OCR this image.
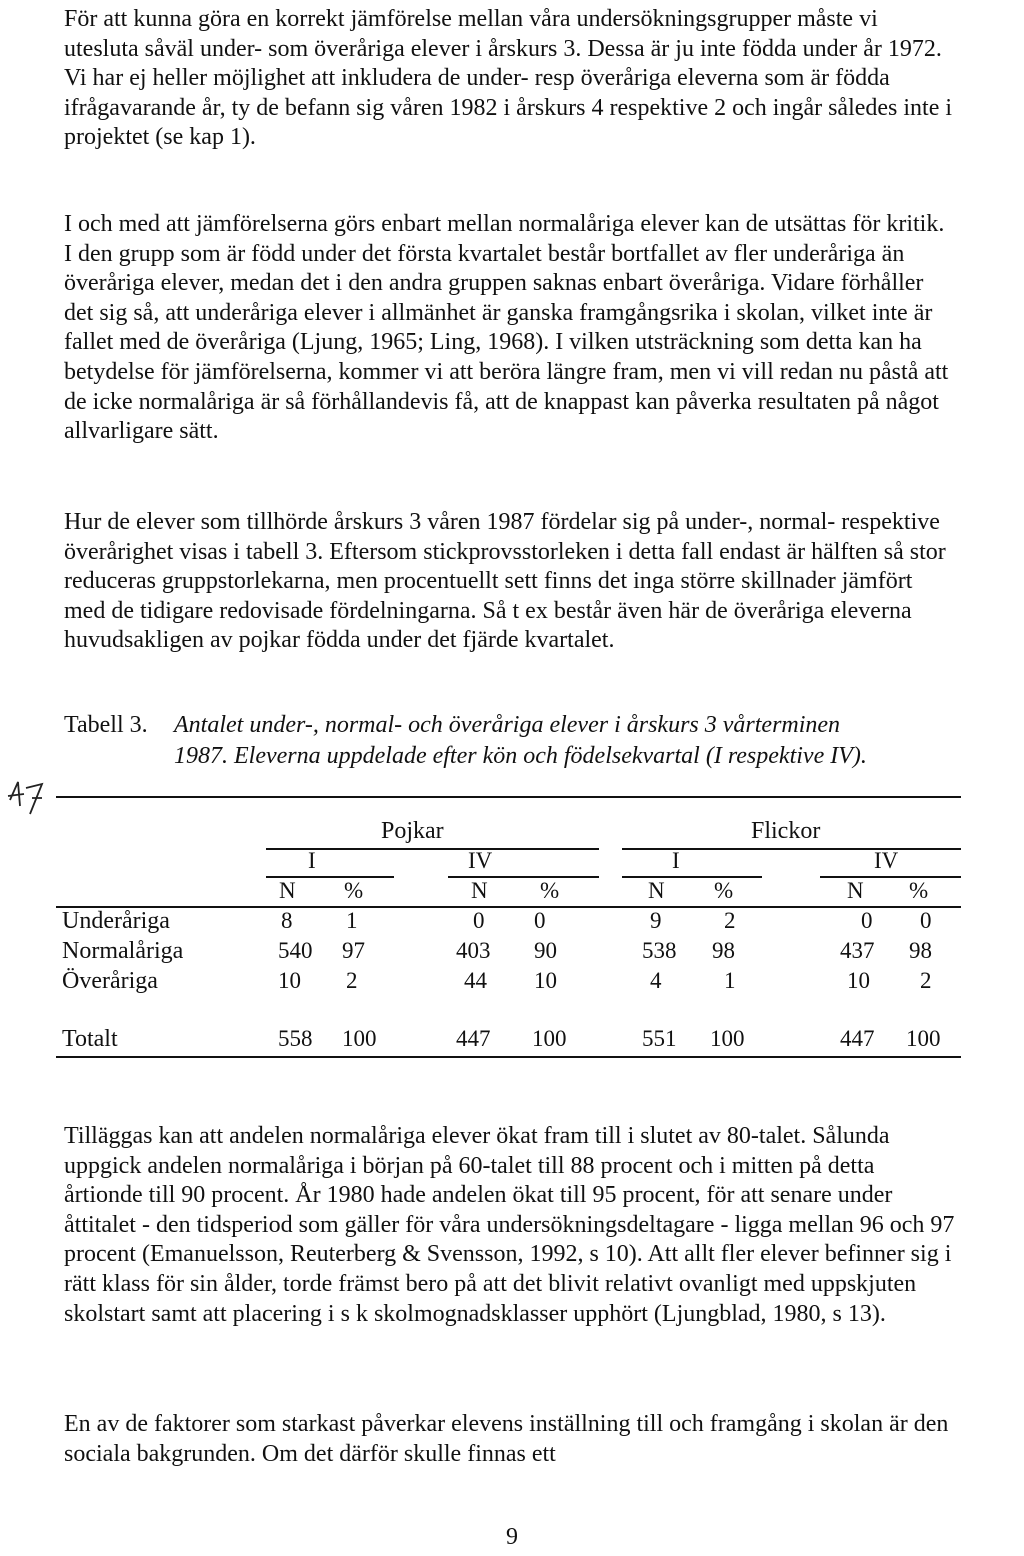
För att kunna göra en korrekt jämförelse mellan våra undersökningsgrupper måste vi utesluta såväl under- som överåriga elever i årskurs 3. Dessa är ju inte födda under år 1972. Vi har ej heller möjlighet att inkludera de under- resp överåriga eleverna som är födda ifrågavarande år, ty de befann sig våren 1982 i årskurs 4 respektive 2 och ingår således inte i projektet (se kap 1).

I och med att jämförelserna görs enbart mellan normalåriga elever kan de utsättas för kritik. I den grupp som är född under det första kvartalet består bortfallet av fler underåriga än överåriga elever, medan det i den andra gruppen saknas enbart överåriga. Vidare förhåller det sig så, att underåriga elever i allmänhet är ganska framgångsrika i skolan, vilket inte är fallet med de överåriga (Ljung, 1965; Ling, 1968). I vilken utsträckning som detta kan ha betydelse för jämförelserna, kommer vi att beröra längre fram, men vi vill redan nu påstå att de icke normalåriga är så förhållandevis få, att de knappast kan påverka resultaten på något allvarligare sätt.

Hur de elever som tillhörde årskurs 3 våren 1987 fördelar sig på under-, normal- respektive överårighet visas i tabell 3. Eftersom stickprovsstorleken i detta fall endast är hälften så stor reduceras gruppstorlekarna, men procentuellt sett finns det inga större skillnader jämfört med de tidigare redovisade fördelningarna. Så t ex består även här de överåriga eleverna huvudsakligen av pojkar födda under det fjärde kvartalet.

Tabell 3. Antalet under-, normal- och överåriga elever i årskurs 3 vårterminen
1987. Eleverna uppdelade efter kön och födelsekvartal (I respektive IV).
47
Pojkar	Flickor
I	IV	I	IV
N %	N %	N %	N %
Underåriga	8 1	0 0	9	2	0 0
Normalåriga	540 97	403 90	538 98	437 98
Överåriga	10 2	44 10	4	1	10 2
Totalt	558 100	447 100	551 100	447 100

Tilläggas kan att andelen normalåriga elever ökat fram till i slutet av 80-talet. Sålunda uppgick andelen normalåriga i början på 60-talet till 88 procent och i mitten på detta årtionde till 90 procent. År 1980 hade andelen ökat till 95 procent, för att senare under åttitalet - den tidsperiod som gäller för våra undersökningsdeltagare - ligga mellan 96 och 97 procent (Emanuelsson, Reuterberg & Svensson, 1992, s 10). Att allt fler elever befinner sig i rätt klass för sin ålder, torde främst bero på att det blivit relativt ovanligt med uppskjuten skolstart samt att placering i s k skolmognadsklasser upphört (Ljungblad, 1980, s 13).

En av de faktorer som starkast påverkar elevens inställning till och framgång i skolan är den sociala bakgrunden. Om det därför skulle finnas ett

9
